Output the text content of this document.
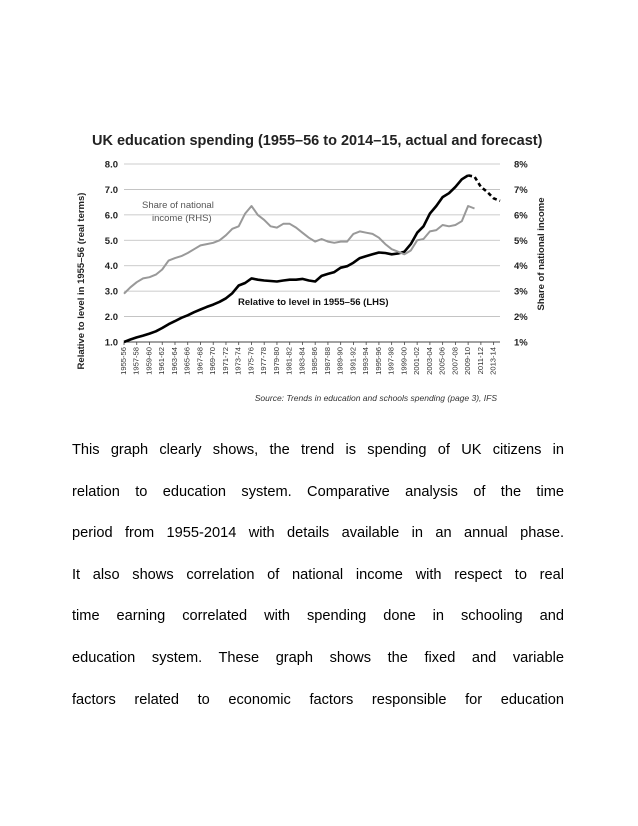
UK education spending (1955–56 to 2014–15, actual and forecast)
1.0
2.0
3.0
4.0
5.0
6.0
7.0
8.0
1%
2%
3%
4%
5%
6%
7%
8%
1955-56 1957-58 1959-60 1961-62 1963-64 1965-66 1967-68 1969-70 1971-72 1973-74 1975-76 1977-78 1979-80 1981-82 1983-84 1985-86 1987-88 1989-90 1991-92 1993-94 1995-96 1997-98 1999-00 2001-02 2003-04 2005-06 2007-08 2009-10 2011-12 2013-14
Relative to level in 1955–56 (real terms)	Share of national income
Share of national
income (RHS)
Relative to level in 1955–56 (LHS)
Source: Trends in education and schools spending (page 3), IFS

This graph clearly shows, the trend is spending of UK citizens in

relation to education system. Comparative analysis of the time

period from 1955-2014 with details available in an annual phase.

It also shows correlation of national income with respect to real

time earning correlated with spending done in schooling and

education system. These graph shows the fixed and variable

factors related to economic factors responsible for education
